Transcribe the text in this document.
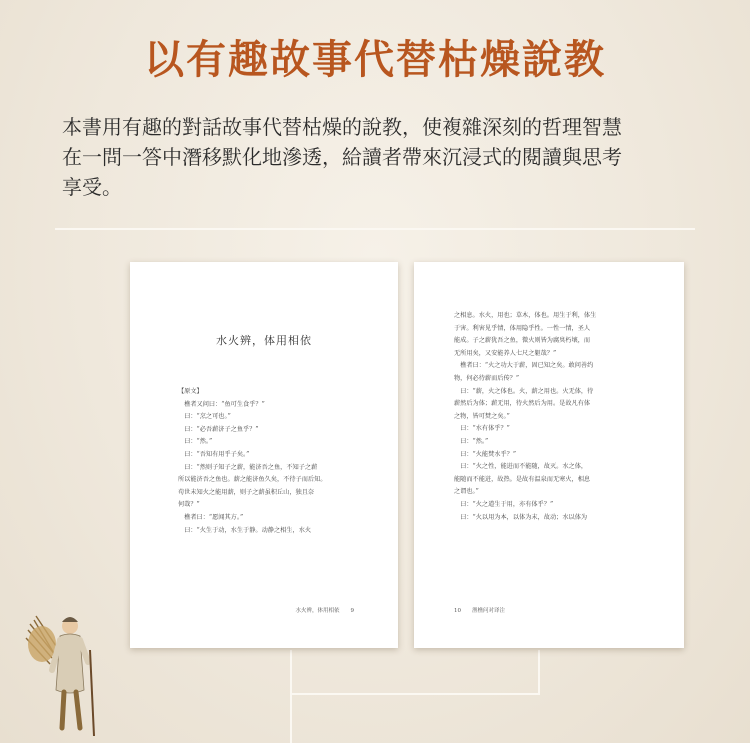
以有趣故事代替枯燥說教
本書用有趣的對話故事代替枯燥的說教，使複雜深刻的哲理智慧
在一問一答中潛移默化地滲透，給讀者帶來沉浸式的閱讀與思考
享受。
水火辨，体用相依
【原文】
　樵者又问曰：“鱼可生食乎？”
　曰：“烹之可也。”
　曰：“必吾薪济子之鱼乎？”
　曰：“然。”
　曰：“吾知有用乎子矣。”
　曰：“然则子知子之薪，能济吾之鱼，不知子之薪
所以能济吾之鱼也。薪之能济鱼久矣，不待子而后知。
苟世未知火之能用薪，则子之薪虽积丘山，独且奈
何哉？”
　樵者曰：“愿闻其方。”
　曰：“火生于动，水生于静。动静之相生，水火
水火辨，体用相依　　9
之相息。水火，用也；草木，体也。用生于利，体生
于害。利害见乎情，体用隐乎性。一性一情，圣人
能成。子之薪犹吾之鱼，微火则皆为腐臭朽壤，而
无所用矣，又安能养人七尺之躯哉？”
　樵者曰：“火之功大于薪，固已知之矣。敢问善约
物，何必待薪而后传？”
　曰：“薪，火之体也。火，薪之用也。火无体，待
薪然后为体；薪无用，待火然后为用。是故凡有体
之物，皆可焚之矣。”
　曰：“水有体乎？”
　曰：“然。”
　曰：“火能焚水乎？”
　曰：“火之性，能迸而不能随，故灭。水之体，
能随而不能迸，故热。是故有温泉而无寒火，相息
之谓也。”
　曰：“火之道生于用，亦有体乎？”
　曰：“火以用为本，以体为末，故动；水以体为
10　　渔樵问对译注
